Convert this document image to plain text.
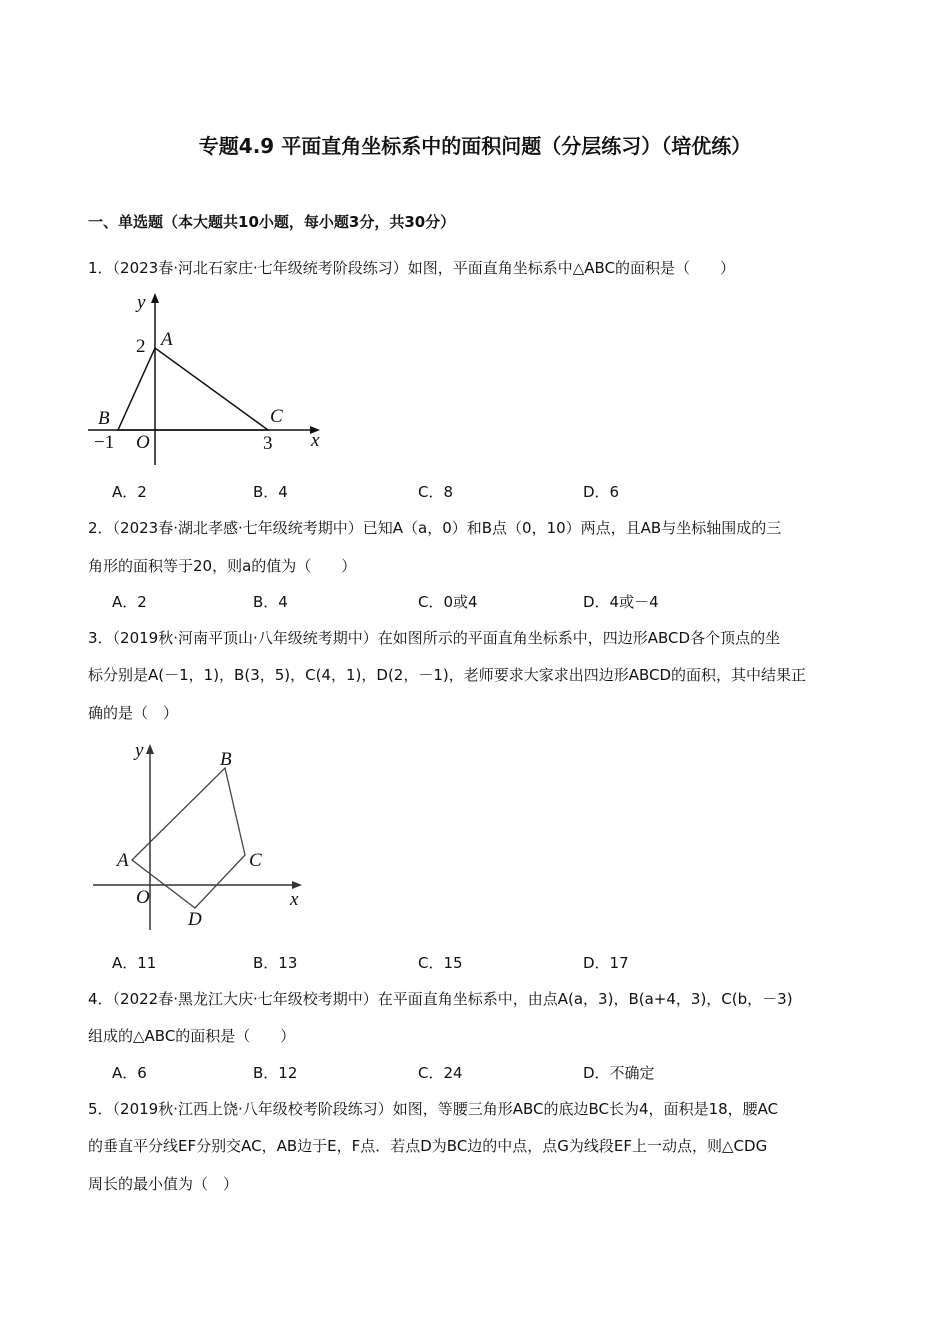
专题4.9 平面直角坐标系中的面积问题（分层练习）（培优练）
一、单选题（本大题共10小题，每小题3分，共30分）
1．（2023春·河北石家庄·七年级统考阶段练习）如图，平面直角坐标系中△ABC的面积是（　　）
y
2 A
B	C
−1 O	3 x
y	B
A	C
O
D
x
A．2	B．4	C．8	D．6
2．（2023春·湖北孝感·七年级统考期中）已知A（a，0）和B点（0，10）两点，且AB与坐标轴围成的三
角形的面积等于20，则a的值为（　　）
A．2	B．4	C．0或4	D．4或－4
3．（2019秋·河南平顶山·八年级统考期中）在如图所示的平面直角坐标系中，四边形ABCD各个顶点的坐
标分别是A(－1，1)，B(3，5)，C(4，1)，D(2，－1)，老师要求大家求出四边形ABCD的面积，其中结果正
确的是（　）
A．11	B．13	C．15	D．17
4．（2022春·黑龙江大庆·七年级校考期中）在平面直角坐标系中，由点A(a，3)，B(a+4，3)，C(b，－3)
组成的△ABC的面积是（　　）
A．6	B．12	C．24	D．不确定
5．（2019秋·江西上饶·八年级校考阶段练习）如图，等腰三角形ABC的底边BC长为4，面积是18，腰AC
的垂直平分线EF分别交AC，AB边于E，F点．若点D为BC边的中点，点G为线段EF上一动点，则△CDG
周长的最小值为（　）
